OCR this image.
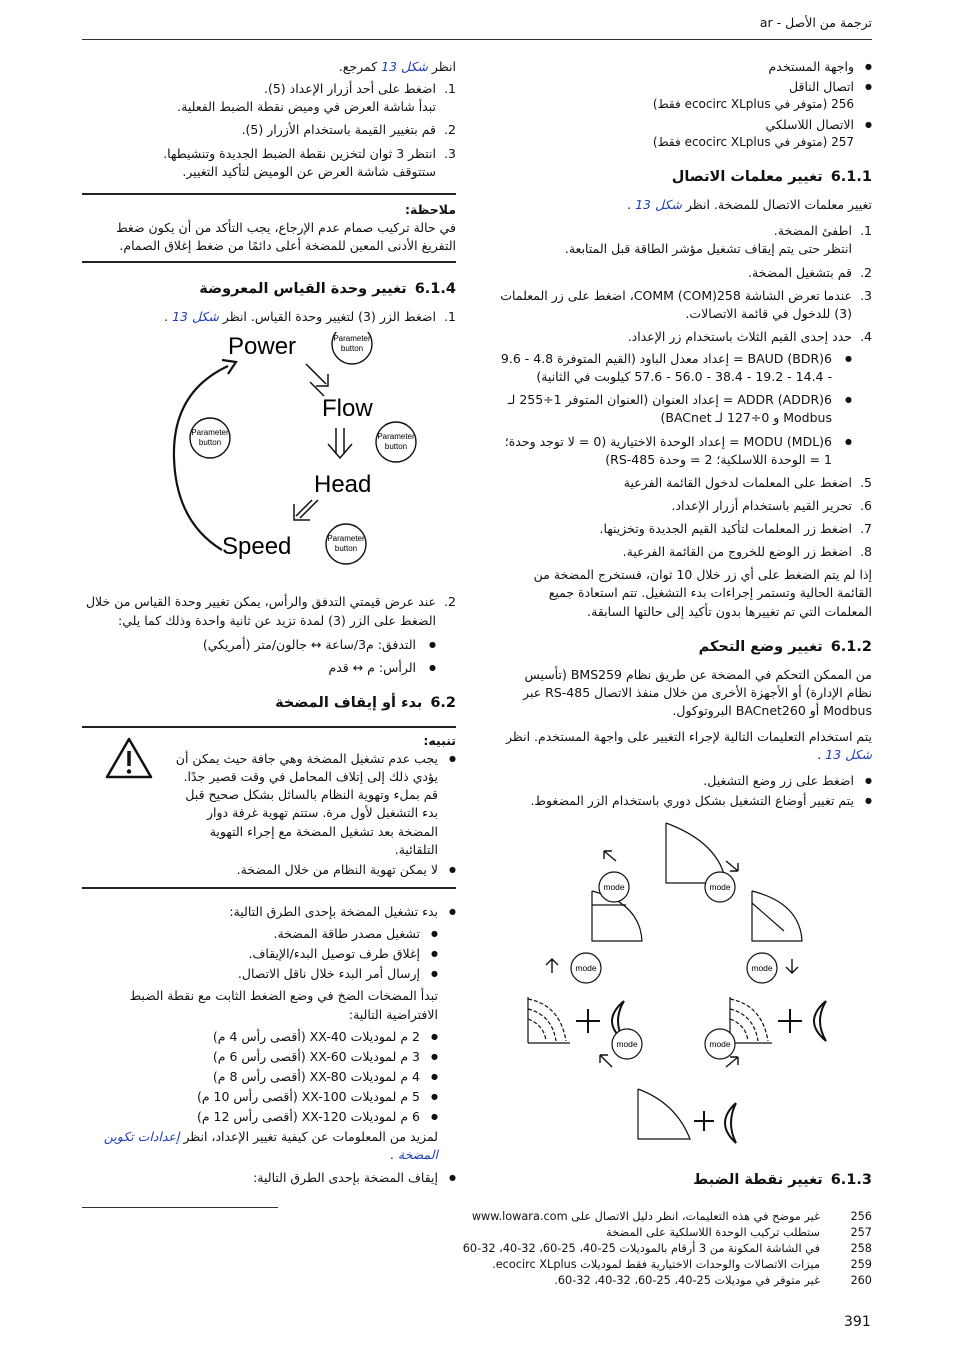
ترجمة من الأصل - ar
● واجهة المستخدم
● اتصال الناقل
256 (متوفر في ecocirc XLplus فقط)
● الاتصال اللاسلكي
257 (متوفر في ecocirc XLplus فقط)
6.1.1تغيير معلمات الاتصال

تغيير معلمات الاتصال للمضخة. انظر شكل 13 .

1.
اطفئ المضخة.
انتظر حتى يتم إيقاف تشغيل مؤشر الطاقة قبل المتابعة.
2.
قم بتشغيل المضخة.
3.
عندما تعرض الشاشة COMM (COM)258، اضغط على زر المعلمات (3) للدخول في قائمة الاتصالات.
4.
حدد إحدى القيم الثلاث باستخدام زر الإعداد.
● BAUD (BDR)6 = إعداد معدل الباود (القيم المتوفرة 4.8 - 9.6 - 14.4 - 19.2 - 38.4 - 56.0 - 57.6 كيلوبت في الثانية)
● ADDR (ADDR)6 = إعداد العنوان (العنوان المتوفر 1÷255 لـ Modbus و 0÷127 لـ BACnet)
● MODU (MDL)6 = إعداد الوحدة الاختيارية (0 = لا توجد وحدة؛ 1 = الوحدة اللاسلكية؛ 2 = وحدة RS-485)
5.
اضغط على المعلمات لدخول القائمة الفرعية
6.
تحرير القيم باستخدام أزرار الإعداد.
7.
اضغط زر المعلمات لتأكيد القيم الجديدة وتخزينها.
8.
اضغط زر الوضع للخروج من القائمة الفرعية.

إذا لم يتم الضغط على أي زر خلال 10 ثوان، فستخرج المضخة من القائمة الحالية وتستمر إجراءات بدء التشغيل. تتم استعادة جميع المعلمات التي تم تغييرها بدون تأكيد إلى حالتها السابقة.

6.1.2تغيير وضع التحكم

من الممكن التحكم في المضخة عن طريق نظام BMS259 (تأسيس نظام الإدارة) أو الأجهزة الأخرى من خلال منفذ الاتصال RS-485 عبر Modbus أو BACnet260 البروتوكول.

يتم استخدام التعليمات التالية لإجراء التغيير على واجهة المستخدم. انظر شكل 13 .

● اضغط على زر وضع التشغيل.
● يتم تغيير أوضاع التشغيل بشكل دوري باستخدام الزر المضغوط.
mode	mode
mode	mode
mode	mode
6.1.3تغيير نقطة الضبط

انظر شكل 13 كمرجع.

1.
اضغط على أحد أزرار الإعداد (5).
تبدأ شاشة العرض في وميض نقطة الضبط الفعلية.
2.
قم بتغيير القيمة باستخدام الأزرار (5).
3.
انتظر 3 ثوان لتخزين نقطة الضبط الجديدة وتنشيطها.
ستتوقف شاشة العرض عن الوميض لتأكيد التغيير.
ملاحظة:
في حالة تركيب صمام عدم الإرجاع، يجب التأكد من أن يكون ضغط التفريغ الأدنى المعين للمضخة أعلى دائمًا من ضغط إغلاق الصمام.
6.1.4تغيير وحدة القياس المعروضة
1.
اضغط الزر (3) لتغيير وحدة القياس. انظر شكل 13 .
Power
Flow
Head
Speed
Parameter
button
Parameter
button
Parameter
button
Parameter
button
2.
عند عرض قيمتي التدفق والرأس، يمكن تغيير وحدة القياس من خلال الضغط على الزر (3) لمدة تزيد عن ثانية واحدة وذلك كما يلي:
● التدفق: م3/ساعة ↔ جالون/متر (أمريكي)
● الرأس: م ↔ قدم
6.2بدء أو إيقاف المضخة
تنبيه:
● يجب عدم تشغيل المضخة وهي جافة حيث يمكن أن يؤدي ذلك إلى إتلاف المحامل في وقت قصير جدًا. قم بملء وتهوية النظام بالسائل بشكل صحيح قبل بدء التشغيل لأول مرة. ستتم تهوية غرفة دوار المضخة بعد تشغيل المضخة مع إجراء التهوية التلقائية.
● لا يمكن تهوية النظام من خلال المضخة.
● بدء تشغيل المضخة بإحدى الطرق التالية:
● تشغيل مصدر طاقة المضخة.
● إغلاق طرف توصيل البدء/الإيقاف.
● إرسال أمر البدء خلال ناقل الاتصال.

تبدأ المضخات الضخ في وضع الضغط الثابت مع نقطة الضبط الافتراضية التالية:

● 2 م لموديلات XX-40 (أقصى رأس 4 م)
● 3 م لموديلات XX-60 (أقصى رأس 6 م)
● 4 م لموديلات XX-80 (أقصى رأس 8 م)
● 5 م لموديلات XX-100 (أقصى رأس 10 م)
● 6 م لموديلات XX-120 (أقصى رأس 12 م)

لمزيد من المعلومات عن كيفية تغيير الإعداد، انظر إعدادات تكوين المضخة .

● إيقاف المضخة بإحدى الطرق التالية:
256
غير موضح في هذه التعليمات، انظر دليل الاتصال على www.lowara.com
257
ستطلب تركيب الوحدة اللاسلكية على المضخة
258
في الشاشة المكونة من 3 أرقام بالموديلات 25-40، 25-60، 32-40، 32-60
259
ميزات الاتصالات والوحدات الاختيارية فقط لموديلات ecocirc XLplus.
260
غير متوفر في موديلات 25-40، 25-60، 32-40، 32-60.
391
